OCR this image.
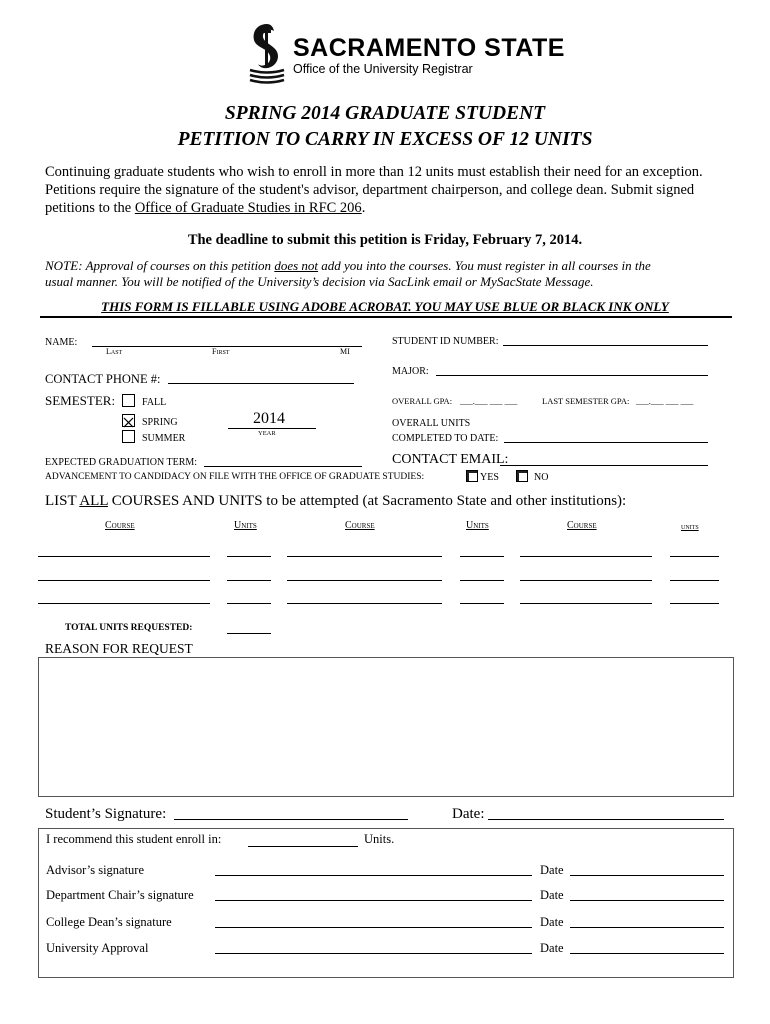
SACRAMENTO STATE
Office of the University Registrar
SPRING 2014 GRADUATE STUDENT
PETITION TO CARRY IN EXCESS OF 12 UNITS
Continuing graduate students who wish to enroll in more than 12 units must establish their need for an exception.
Petitions require the signature of the student's advisor, department chairperson, and college dean. Submit signed
petitions to the Office of Graduate Studies in RFC 206.
The deadline to submit this petition is Friday, February 7, 2014.
NOTE: Approval of courses on this petition does not add you into the courses. You must register in all courses in the
usual manner. You will be notified of the University’s decision via SacLink email or MySacState Message.
THIS FORM IS FILLABLE USING ADOBE ACROBAT. YOU MAY USE BLUE OR BLACK INK ONLY
NAME:
Last	First	MI
STUDENT ID NUMBER:
MAJOR:
CONTACT PHONE #:
SEMESTER:	FALL
SPRING
SUMMER
2014
YEAR
OVERALL GPA: ___.___ ___ ___	LAST SEMESTER GPA: ___.___ ___ ___
OVERALL UNITS
COMPLETED TO DATE:
EXPECTED GRADUATION TERM:	CONTACT EMAIL:
ADVANCEMENT TO CANDIDACY ON FILE WITH THE OFFICE OF GRADUATE STUDIES:	YES	NO
LIST ALL COURSES AND UNITS to be attempted (at Sacramento State and other institutions):
Course	Units	Course	Units	Course	units
TOTAL UNITS REQUESTED:
REASON FOR REQUEST
Student’s Signature:	Date:
I recommend this student enroll in:	Units.
Advisor’s signature	Date
Department Chair’s signature	Date
College Dean’s signature	Date
University Approval	Date
